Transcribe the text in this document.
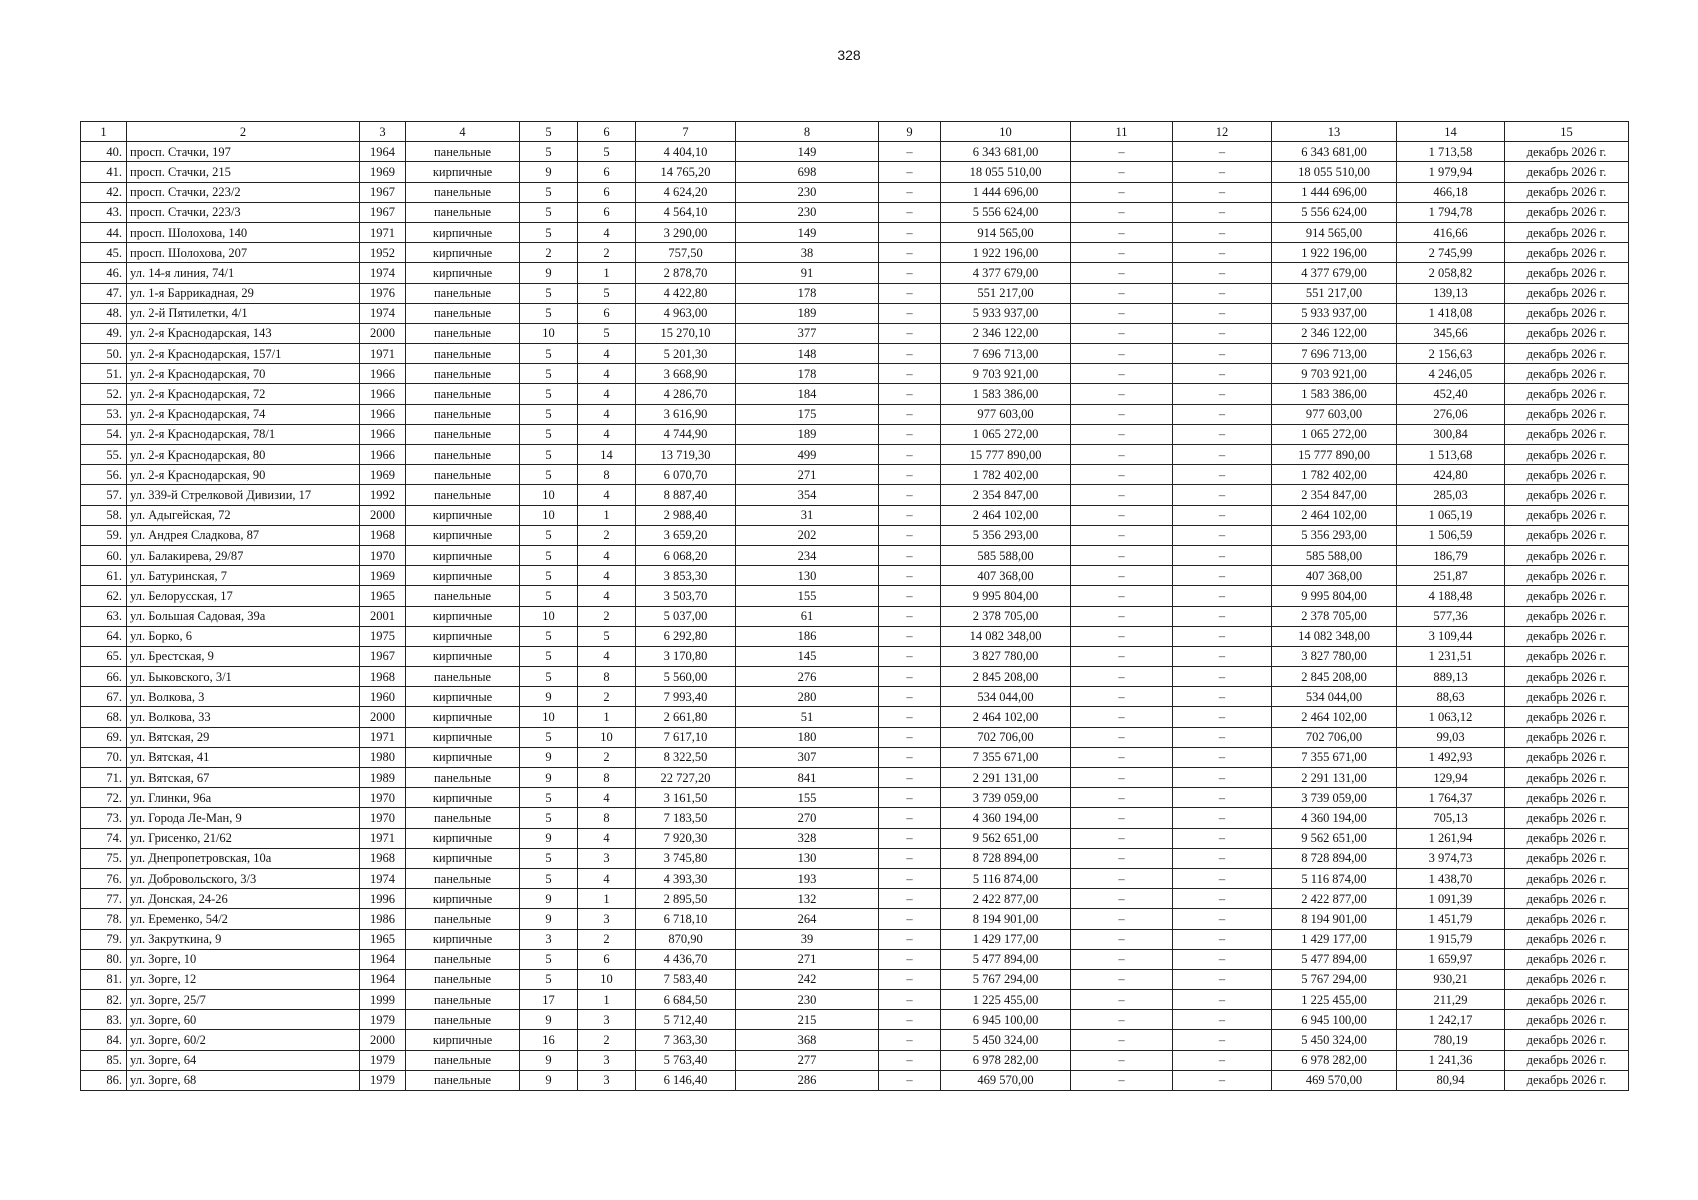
328
1	2	3	4	5	6	7	8	9	10	11	12	13	14	15
40.	просп. Стачки, 197	1964	панельные	5	5	4 404,10	149	–	6 343 681,00	–	–	6 343 681,00	1 713,58	декабрь 2026 г.
41.	просп. Стачки, 215	1969	кирпичные	9	6	14 765,20	698	–	18 055 510,00	–	–	18 055 510,00	1 979,94	декабрь 2026 г.
42.	просп. Стачки, 223/2	1967	панельные	5	6	4 624,20	230	–	1 444 696,00	–	–	1 444 696,00	466,18	декабрь 2026 г.
43.	просп. Стачки, 223/3	1967	панельные	5	6	4 564,10	230	–	5 556 624,00	–	–	5 556 624,00	1 794,78	декабрь 2026 г.
44.	просп. Шолохова, 140	1971	кирпичные	5	4	3 290,00	149	–	914 565,00	–	–	914 565,00	416,66	декабрь 2026 г.
45.	просп. Шолохова, 207	1952	кирпичные	2	2	757,50	38	–	1 922 196,00	–	–	1 922 196,00	2 745,99	декабрь 2026 г.
46.	ул. 14-я линия, 74/1	1974	кирпичные	9	1	2 878,70	91	–	4 377 679,00	–	–	4 377 679,00	2 058,82	декабрь 2026 г.
47.	ул. 1-я Баррикадная, 29	1976	панельные	5	5	4 422,80	178	–	551 217,00	–	–	551 217,00	139,13	декабрь 2026 г.
48.	ул. 2-й Пятилетки, 4/1	1974	панельные	5	6	4 963,00	189	–	5 933 937,00	–	–	5 933 937,00	1 418,08	декабрь 2026 г.
49.	ул. 2-я Краснодарская, 143	2000	панельные	10	5	15 270,10	377	–	2 346 122,00	–	–	2 346 122,00	345,66	декабрь 2026 г.
50.	ул. 2-я Краснодарская, 157/1	1971	панельные	5	4	5 201,30	148	–	7 696 713,00	–	–	7 696 713,00	2 156,63	декабрь 2026 г.
51.	ул. 2-я Краснодарская, 70	1966	панельные	5	4	3 668,90	178	–	9 703 921,00	–	–	9 703 921,00	4 246,05	декабрь 2026 г.
52.	ул. 2-я Краснодарская, 72	1966	панельные	5	4	4 286,70	184	–	1 583 386,00	–	–	1 583 386,00	452,40	декабрь 2026 г.
53.	ул. 2-я Краснодарская, 74	1966	панельные	5	4	3 616,90	175	–	977 603,00	–	–	977 603,00	276,06	декабрь 2026 г.
54.	ул. 2-я Краснодарская, 78/1	1966	панельные	5	4	4 744,90	189	–	1 065 272,00	–	–	1 065 272,00	300,84	декабрь 2026 г.
55.	ул. 2-я Краснодарская, 80	1966	панельные	5	14	13 719,30	499	–	15 777 890,00	–	–	15 777 890,00	1 513,68	декабрь 2026 г.
56.	ул. 2-я Краснодарская, 90	1969	панельные	5	8	6 070,70	271	–	1 782 402,00	–	–	1 782 402,00	424,80	декабрь 2026 г.
57.	ул. 339-й Стрелковой Дивизии, 17	1992	панельные	10	4	8 887,40	354	–	2 354 847,00	–	–	2 354 847,00	285,03	декабрь 2026 г.
58.	ул. Адыгейская, 72	2000	кирпичные	10	1	2 988,40	31	–	2 464 102,00	–	–	2 464 102,00	1 065,19	декабрь 2026 г.
59.	ул. Андрея Сладкова, 87	1968	кирпичные	5	2	3 659,20	202	–	5 356 293,00	–	–	5 356 293,00	1 506,59	декабрь 2026 г.
60.	ул. Балакирева, 29/87	1970	кирпичные	5	4	6 068,20	234	–	585 588,00	–	–	585 588,00	186,79	декабрь 2026 г.
61.	ул. Батуринская, 7	1969	кирпичные	5	4	3 853,30	130	–	407 368,00	–	–	407 368,00	251,87	декабрь 2026 г.
62.	ул. Белорусская, 17	1965	панельные	5	4	3 503,70	155	–	9 995 804,00	–	–	9 995 804,00	4 188,48	декабрь 2026 г.
63.	ул. Большая Садовая, 39а	2001	кирпичные	10	2	5 037,00	61	–	2 378 705,00	–	–	2 378 705,00	577,36	декабрь 2026 г.
64.	ул. Борко, 6	1975	кирпичные	5	5	6 292,80	186	–	14 082 348,00	–	–	14 082 348,00	3 109,44	декабрь 2026 г.
65.	ул. Брестская, 9	1967	кирпичные	5	4	3 170,80	145	–	3 827 780,00	–	–	3 827 780,00	1 231,51	декабрь 2026 г.
66.	ул. Быковского, 3/1	1968	панельные	5	8	5 560,00	276	–	2 845 208,00	–	–	2 845 208,00	889,13	декабрь 2026 г.
67.	ул. Волкова, 3	1960	кирпичные	9	2	7 993,40	280	–	534 044,00	–	–	534 044,00	88,63	декабрь 2026 г.
68.	ул. Волкова, 33	2000	кирпичные	10	1	2 661,80	51	–	2 464 102,00	–	–	2 464 102,00	1 063,12	декабрь 2026 г.
69.	ул. Вятская, 29	1971	кирпичные	5	10	7 617,10	180	–	702 706,00	–	–	702 706,00	99,03	декабрь 2026 г.
70.	ул. Вятская, 41	1980	кирпичные	9	2	8 322,50	307	–	7 355 671,00	–	–	7 355 671,00	1 492,93	декабрь 2026 г.
71.	ул. Вятская, 67	1989	панельные	9	8	22 727,20	841	–	2 291 131,00	–	–	2 291 131,00	129,94	декабрь 2026 г.
72.	ул. Глинки, 96а	1970	кирпичные	5	4	3 161,50	155	–	3 739 059,00	–	–	3 739 059,00	1 764,37	декабрь 2026 г.
73.	ул. Города Ле-Ман, 9	1970	панельные	5	8	7 183,50	270	–	4 360 194,00	–	–	4 360 194,00	705,13	декабрь 2026 г.
74.	ул. Грисенко, 21/62	1971	кирпичные	9	4	7 920,30	328	–	9 562 651,00	–	–	9 562 651,00	1 261,94	декабрь 2026 г.
75.	ул. Днепропетровская, 10а	1968	кирпичные	5	3	3 745,80	130	–	8 728 894,00	–	–	8 728 894,00	3 974,73	декабрь 2026 г.
76.	ул. Добровольского, 3/3	1974	панельные	5	4	4 393,30	193	–	5 116 874,00	–	–	5 116 874,00	1 438,70	декабрь 2026 г.
77.	ул. Донская, 24-26	1996	кирпичные	9	1	2 895,50	132	–	2 422 877,00	–	–	2 422 877,00	1 091,39	декабрь 2026 г.
78.	ул. Еременко, 54/2	1986	панельные	9	3	6 718,10	264	–	8 194 901,00	–	–	8 194 901,00	1 451,79	декабрь 2026 г.
79.	ул. Закруткина, 9	1965	кирпичные	3	2	870,90	39	–	1 429 177,00	–	–	1 429 177,00	1 915,79	декабрь 2026 г.
80.	ул. Зорге, 10	1964	панельные	5	6	4 436,70	271	–	5 477 894,00	–	–	5 477 894,00	1 659,97	декабрь 2026 г.
81.	ул. Зорге, 12	1964	панельные	5	10	7 583,40	242	–	5 767 294,00	–	–	5 767 294,00	930,21	декабрь 2026 г.
82.	ул. Зорге, 25/7	1999	панельные	17	1	6 684,50	230	–	1 225 455,00	–	–	1 225 455,00	211,29	декабрь 2026 г.
83.	ул. Зорге, 60	1979	панельные	9	3	5 712,40	215	–	6 945 100,00	–	–	6 945 100,00	1 242,17	декабрь 2026 г.
84.	ул. Зорге, 60/2	2000	кирпичные	16	2	7 363,30	368	–	5 450 324,00	–	–	5 450 324,00	780,19	декабрь 2026 г.
85.	ул. Зорге, 64	1979	панельные	9	3	5 763,40	277	–	6 978 282,00	–	–	6 978 282,00	1 241,36	декабрь 2026 г.
86.	ул. Зорге, 68	1979	панельные	9	3	6 146,40	286	–	469 570,00	–	–	469 570,00	80,94	декабрь 2026 г.
